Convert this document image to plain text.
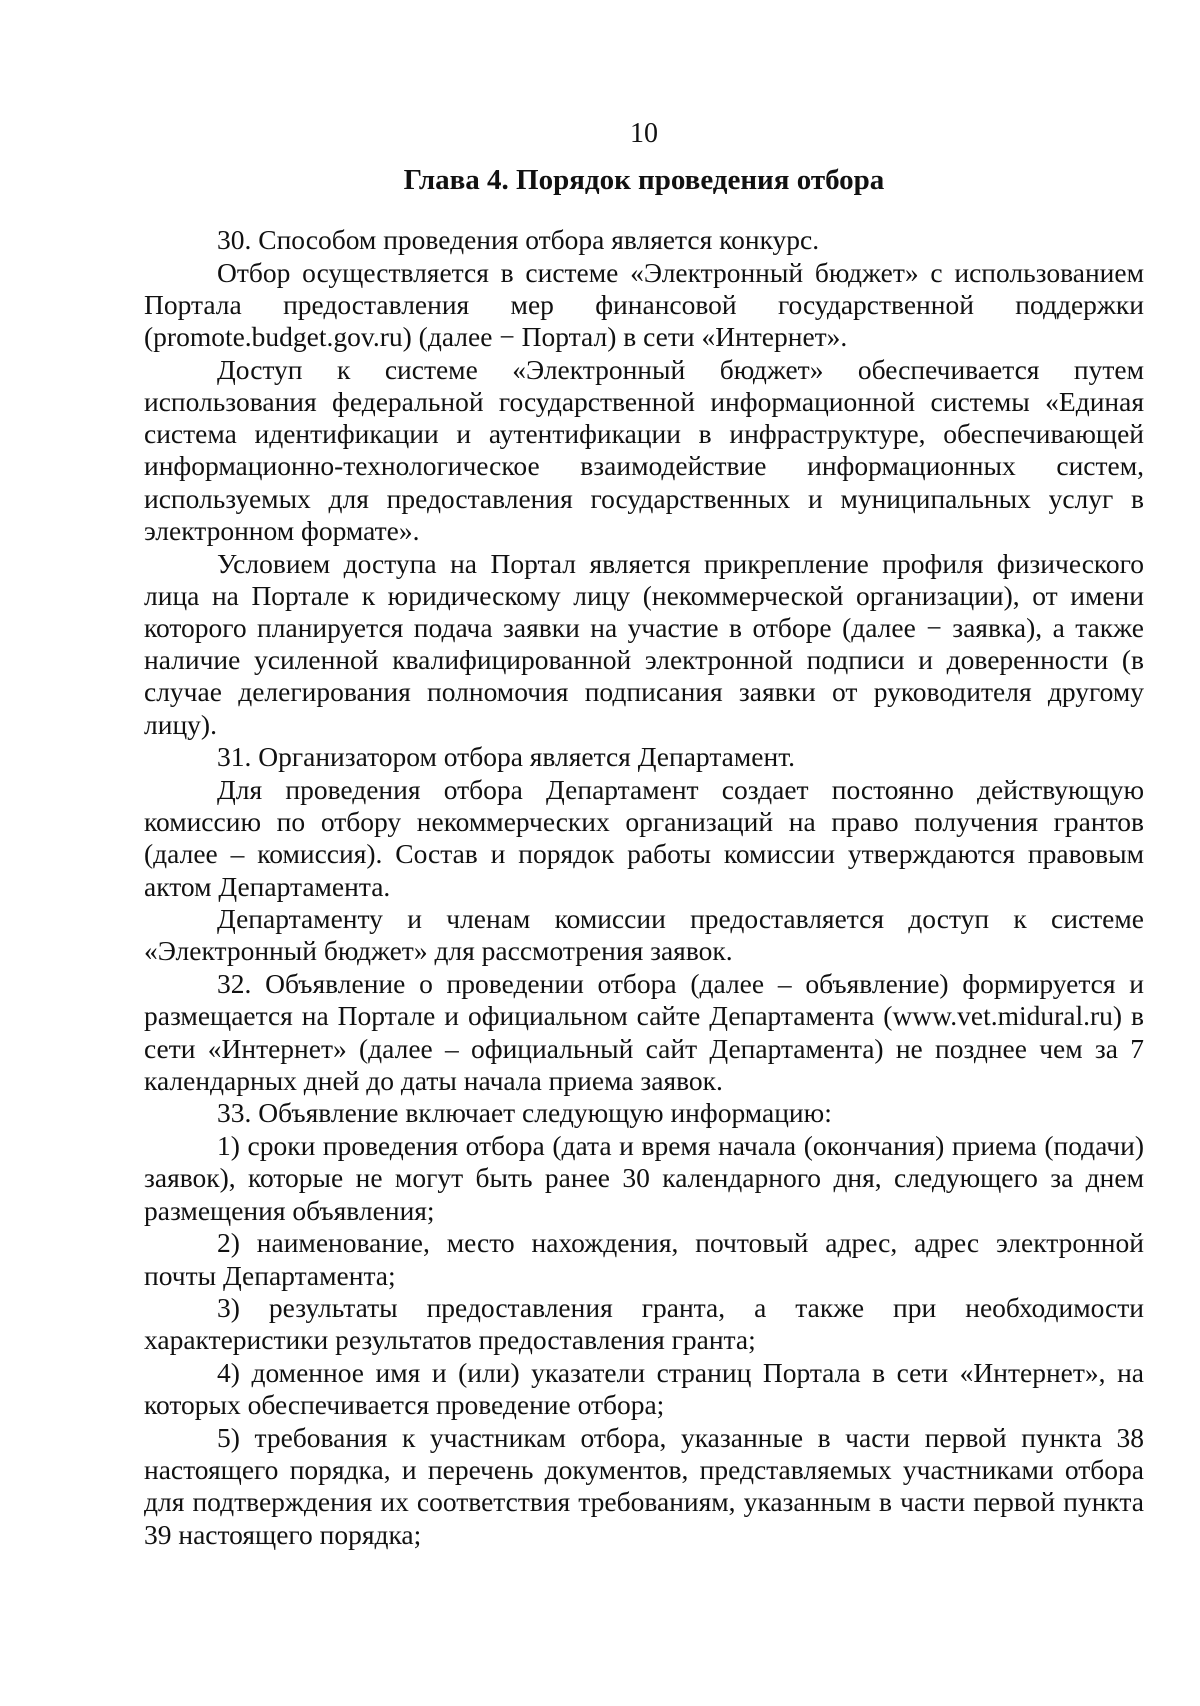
10
Глава 4. Порядок проведения отбора

30. Способом проведения отбора является конкурс.

Отбор осуществляется в системе «Электронный бюджет» с использованием Портала предоставления мер финансовой государственной поддержки (promote.budget.gov.ru) (далее − Портал) в сети «Интернет».

Доступ к системе «Электронный бюджет» обеспечивается путем использования федеральной государственной информационной системы «Единая система идентификации и аутентификации в инфраструктуре, обеспечивающей информационно-технологическое взаимодействие информационных систем, используемых для предоставления государственных и муниципальных услуг в электронном формате».

Условием доступа на Портал является прикрепление профиля физического лица на Портале к юридическому лицу (некоммерческой организации), от имени которого планируется подача заявки на участие в отборе (далее − заявка), а также наличие усиленной квалифицированной электронной подписи и доверенности (в случае делегирования полномочия подписания заявки от руководителя другому лицу).

31. Организатором отбора является Департамент.

Для проведения отбора Департамент создает постоянно действующую комиссию по отбору некоммерческих организаций на право получения грантов (далее – комиссия). Состав и порядок работы комиссии утверждаются правовым актом Департамента.

Департаменту и членам комиссии предоставляется доступ к системе «Электронный бюджет» для рассмотрения заявок.

32. Объявление о проведении отбора (далее – объявление) формируется и размещается на Портале и официальном сайте Департамента (www.vet.midural.ru) в сети «Интернет» (далее – официальный сайт Департамента) не позднее чем за 7 календарных дней до даты начала приема заявок.

33. Объявление включает следующую информацию:

1) сроки проведения отбора (дата и время начала (окончания) приема (подачи) заявок), которые не могут быть ранее 30 календарного дня, следующего за днем размещения объявления;

2) наименование, место нахождения, почтовый адрес, адрес электронной почты Департамента;

3) результаты предоставления гранта, а также при необходимости характеристики результатов предоставления гранта;

4) доменное имя и (или) указатели страниц Портала в сети «Интернет», на которых обеспечивается проведение отбора;

5) требования к участникам отбора, указанные в части первой пункта 38 настоящего порядка, и перечень документов, представляемых участниками отбора для подтверждения их соответствия требованиям, указанным в части первой пункта 39 настоящего порядка;
